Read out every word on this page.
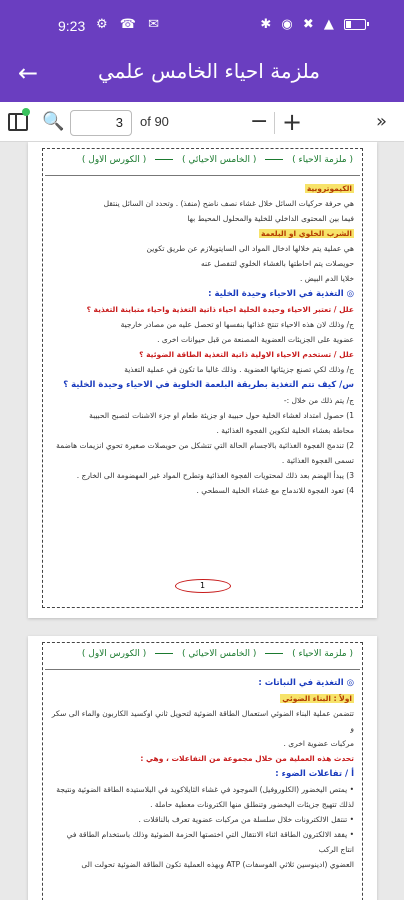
9:23 ⚙ ☎ ✉	✱ ◉ ✖ ▲
←	ملزمة احياء الخامس علمي
🔍	3	of 90	− +	»
( ملزمة الاحياء )  ( الخامس الاحيائي )  ( الكورس الاول )
الكيموتروبية
هي حرفة حركيات السائل خلال غشاء نصف ناضح (منفذ) . وتحدد ان السائل ينتقل
فيما بين المحتوى الداخلي للخلية والمحلول المحيط بها
الشرب الخلوي او البلعمة
هي عملية يتم خلالها ادخال المواد الى السايتوبلازم عن طريق تكوين
حويصلات يتم احاطتها بالغشاء الخلوي لتنفصل عنه
خلايا الدم البيض .
◎ التغذية في الاحياء وحيدة الخلية :
علل / تعتبر الاحياء وحيدة الخلية احياء ذاتية التغذية واحياء متباينة التغذية ؟
ج/ وذلك لان هذه الاحياء تنتج غذائها بنفسها او تحصل عليه من مصادر خارجية
عضوية على الجزيئات العضوية المصنعة من قبل حيوانات اخرى .
علل / تستخدم الاحياء الاولية ذاتية التغذية الطاقة الضوئية ؟
ج/ وذلك لكي تصنع جزيئاتها العضوية . وذلك غالبا ما تكون في عملية التغذية
س/ كيف تتم التغذية بطريقة البلعمة الخلوية في الاحياء وحيدة الخلية ؟
ج/ يتم ذلك من خلال :-
1) حصول امتداد لغشاء الخلية حول حبيبة او جزيئة طعام او جزء الاشنات لتصبح الحبيبة
محاطة بغشاء الخلية لتكوين الفجوة الغذائية .
2) تندمج الفجوة الغذائية بالاجسام الحالة التي تتشكل من حويصلات صغيرة تحوي انزيمات هاضمة
تسمى الفجوة الغذائية .
3) يبدأ الهضم بعد ذلك لمحتويات الفجوة الغذائية وتطرح المواد غير المهضومة الى الخارج .
4) تعود الفجوة للاندماج مع غشاء الخلية السطحي .
1
( ملزمة الاحياء )  ( الخامس الاحيائي )  ( الكورس الاول )
◎ التغذية في النباتات :
اولاً : البناء الضوئي
تتضمن عملية البناء الضوئي استعمال الطاقة الضوئية لتحويل ثاني اوكسيد الكاربون والماء الى سكر و
مركبات عضوية اخرى .
تحدث هذه العملية من خلال مجموعة من التفاعلات ، وهي :
أ / تفاعلات الضوء :
• يمتص اليخضور (الكلوروفيل) الموجود في غشاء الثايلاكويد في البلاستيدة الطاقة الضوئية ونتيجة
لذلك تتهيج جزيئات اليخضور وتنطلق منها الكترونات معطية حاملة .
• تنتقل الالكترونات خلال سلسلة من مركبات عضوية تعرف بالناقلات .
• يفقد الالكترون الطاقة اثناء الانتقال التي اختصتها الحزمة الضوئية وذلك باستخدام الطاقة في انتاج الركب
العضوي (ادينوسين ثلاثي الفوسفات) ATP وبهذه العملية تكون الطاقة الضوئية تحولت الى
